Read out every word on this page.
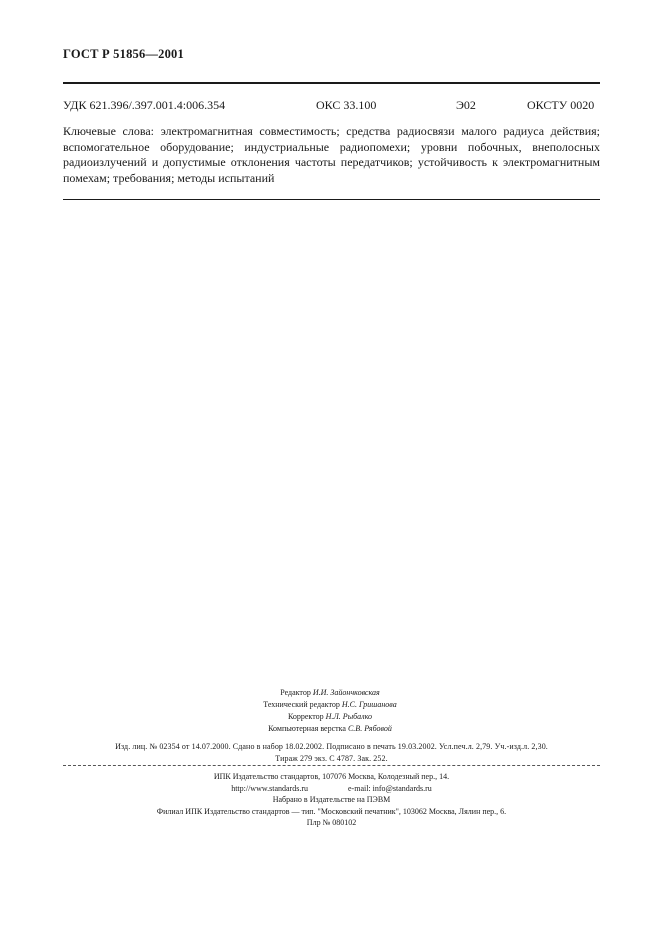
ГОСТ Р 51856—2001
УДК 621.396/.397.001.4:006.354	ОКС 33.100	Э02	ОКСТУ 0020
Ключевые слова: электромагнитная совместимость; средства радиосвязи малого радиуса действия; вспомогательное оборудование; индустриальные радиопомехи; уровни побочных, внеполосных радиоизлучений и допустимые отклонения частоты передатчиков; устойчивость к электромагнитным помехам; требования; методы испытаний
Редактор И.И. Зайончковская
Технический редактор Н.С. Гришанова
Корректор Н.Л. Рыбалко
Компьютерная верстка С.В. Рябовой
Изд. лиц. № 02354 от 14.07.2000. Сдано в набор 18.02.2002. Подписано в печать 19.03.2002. Усл.печ.л. 2,79. Уч.-изд.л. 2,30.
Тираж 279 экз. С 4787. Зак. 252.
ИПК Издательство стандартов, 107076 Москва, Колодезный пер., 14.
http://www.standards.ru	e-mail: info@standards.ru
Набрано в Издательстве на ПЭВМ
Филиал ИПК Издательство стандартов — тип. "Московский печатник", 103062 Москва, Лялин пер., 6.
Плр № 080102
